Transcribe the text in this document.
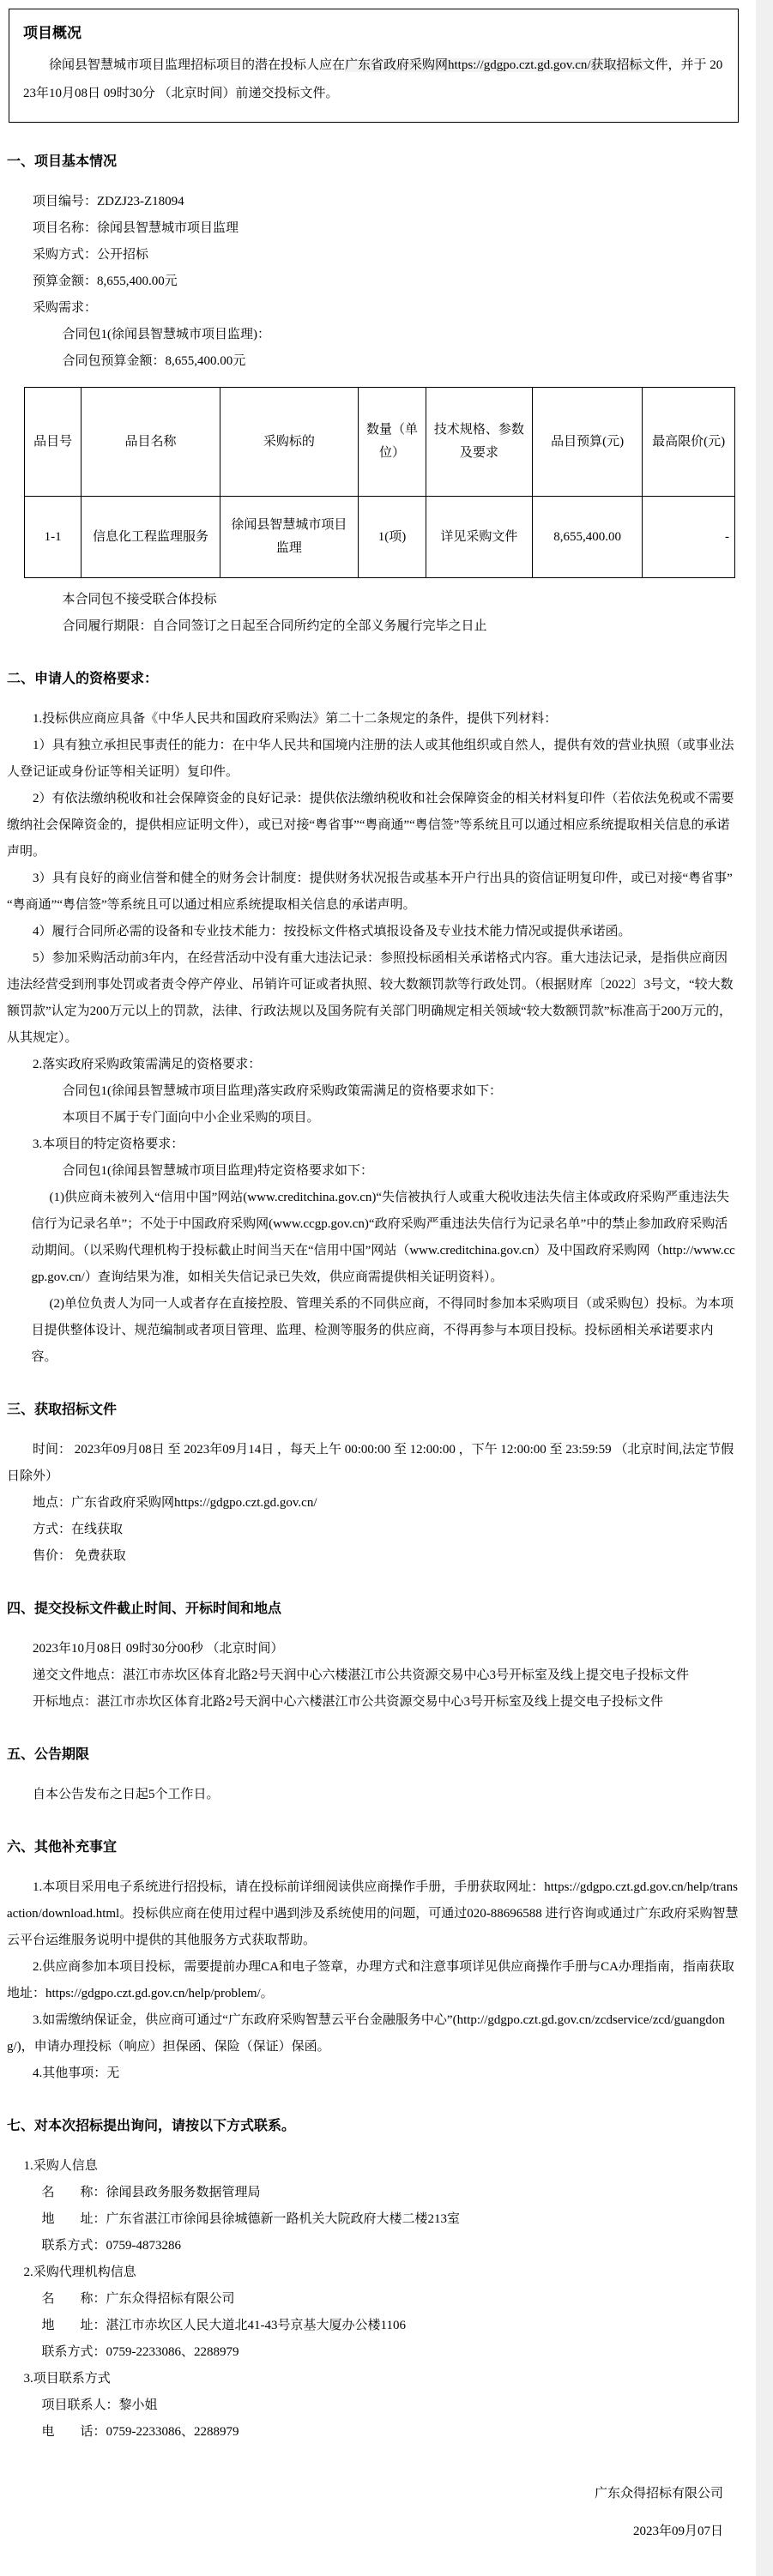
项目概况

徐闻县智慧城市项目监理招标项目的潜在投标人应在广东省政府采购网https://gdgpo.czt.gd.gov.cn/获取招标文件，并于 2023年10月08日 09时30分 （北京时间）前递交投标文件。

一、项目基本情况

项目编号：ZDZJ23-Z18094

项目名称：徐闻县智慧城市项目监理

采购方式：公开招标

预算金额：8,655,400.00元

采购需求：

合同包1(徐闻县智慧城市项目监理)：

合同包预算金额：8,655,400.00元

品目号	品目名称	采购标的	数量（单位）	技术规格、参数及要求	品目预算(元)	最高限价(元)
1-1	信息化工程监理服务	徐闻县智慧城市项目监理	1(项)	详见采购文件	8,655,400.00	-

本合同包不接受联合体投标

合同履行期限：自合同签订之日起至合同所约定的全部义务履行完毕之日止

二、申请人的资格要求：

1.投标供应商应具备《中华人民共和国政府采购法》第二十二条规定的条件，提供下列材料：

1）具有独立承担民事责任的能力：在中华人民共和国境内注册的法人或其他组织或自然人，提供有效的营业执照（或事业法人登记证或身份证等相关证明）复印件。

2）有依法缴纳税收和社会保障资金的良好记录：提供依法缴纳税收和社会保障资金的相关材料复印件（若依法免税或不需要缴纳社会保障资金的，提供相应证明文件），或已对接“粤省事”“粤商通”“粤信签”等系统且可以通过相应系统提取相关信息的承诺声明。

3）具有良好的商业信誉和健全的财务会计制度：提供财务状况报告或基本开户行出具的资信证明复印件，或已对接“粤省事”“粤商通”“粤信签”等系统且可以通过相应系统提取相关信息的承诺声明。

4）履行合同所必需的设备和专业技术能力：按投标文件格式填报设备及专业技术能力情况或提供承诺函。

5）参加采购活动前3年内，在经营活动中没有重大违法记录：参照投标函相关承诺格式内容。重大违法记录，是指供应商因违法经营受到刑事处罚或者责令停产停业、吊销许可证或者执照、较大数额罚款等行政处罚。（根据财库〔2022〕3号文，“较大数额罚款”认定为200万元以上的罚款，法律、行政法规以及国务院有关部门明确规定相关领域“较大数额罚款”标准高于200万元的，从其规定）。

2.落实政府采购政策需满足的资格要求：

合同包1(徐闻县智慧城市项目监理)落实政府采购政策需满足的资格要求如下：

本项目不属于专门面向中小企业采购的项目。

3.本项目的特定资格要求：

合同包1(徐闻县智慧城市项目监理)特定资格要求如下：

(1)供应商未被列入“信用中国”网站(www.creditchina.gov.cn)“失信被执行人或重大税收违法失信主体或政府采购严重违法失信行为记录名单”；不处于中国政府采购网(www.ccgp.gov.cn)“政府采购严重违法失信行为记录名单”中的禁止参加政府采购活动期间。（以采购代理机构于投标截止时间当天在“信用中国”网站（www.creditchina.gov.cn）及中国政府采购网（http://www.ccgp.gov.cn/）查询结果为准，如相关失信记录已失效，供应商需提供相关证明资料）。

(2)单位负责人为同一人或者存在直接控股、管理关系的不同供应商，不得同时参加本采购项目（或采购包）投标。为本项目提供整体设计、规范编制或者项目管理、监理、检测等服务的供应商，不得再参与本项目投标。投标函相关承诺要求内容。

三、获取招标文件

时间： 2023年09月08日 至 2023年09月14日 ，每天上午 00:00:00 至 12:00:00 ，下午 12:00:00 至 23:59:59 （北京时间,法定节假日除外）

地点：广东省政府采购网https://gdgpo.czt.gd.gov.cn/

方式：在线获取

售价： 免费获取

四、提交投标文件截止时间、开标时间和地点

2023年10月08日 09时30分00秒 （北京时间）

递交文件地点：湛江市赤坎区体育北路2号天润中心六楼湛江市公共资源交易中心3号开标室及线上提交电子投标文件

开标地点：湛江市赤坎区体育北路2号天润中心六楼湛江市公共资源交易中心3号开标室及线上提交电子投标文件

五、公告期限

自本公告发布之日起5个工作日。

六、其他补充事宜

1.本项目采用电子系统进行招投标，请在投标前详细阅读供应商操作手册，手册获取网址：https://gdgpo.czt.gd.gov.cn/help/transaction/download.html。投标供应商在使用过程中遇到涉及系统使用的问题，可通过020-88696588 进行咨询或通过广东政府采购智慧云平台运维服务说明中提供的其他服务方式获取帮助。

2.供应商参加本项目投标，需要提前办理CA和电子签章，办理方式和注意事项详见供应商操作手册与CA办理指南，指南获取地址：https://gdgpo.czt.gd.gov.cn/help/problem/。

3.如需缴纳保证金，供应商可通过“广东政府采购智慧云平台金融服务中心”(http://gdgpo.czt.gd.gov.cn/zcdservice/zcd/guangdong/)，申请办理投标（响应）担保函、保险（保证）保函。

4.其他事项：无

七、对本次招标提出询问，请按以下方式联系。

1.采购人信息

名　　称：徐闻县政务服务数据管理局

地　　址：广东省湛江市徐闻县徐城德新一路机关大院政府大楼二楼213室

联系方式：0759-4873286

2.采购代理机构信息

名　　称：广东众得招标有限公司

地　　址：湛江市赤坎区人民大道北41-43号京基大厦办公楼1106

联系方式：0759-2233086、2288979

3.项目联系方式

项目联系人：黎小姐

电　　话：0759-2233086、2288979

广东众得招标有限公司

2023年09月07日
